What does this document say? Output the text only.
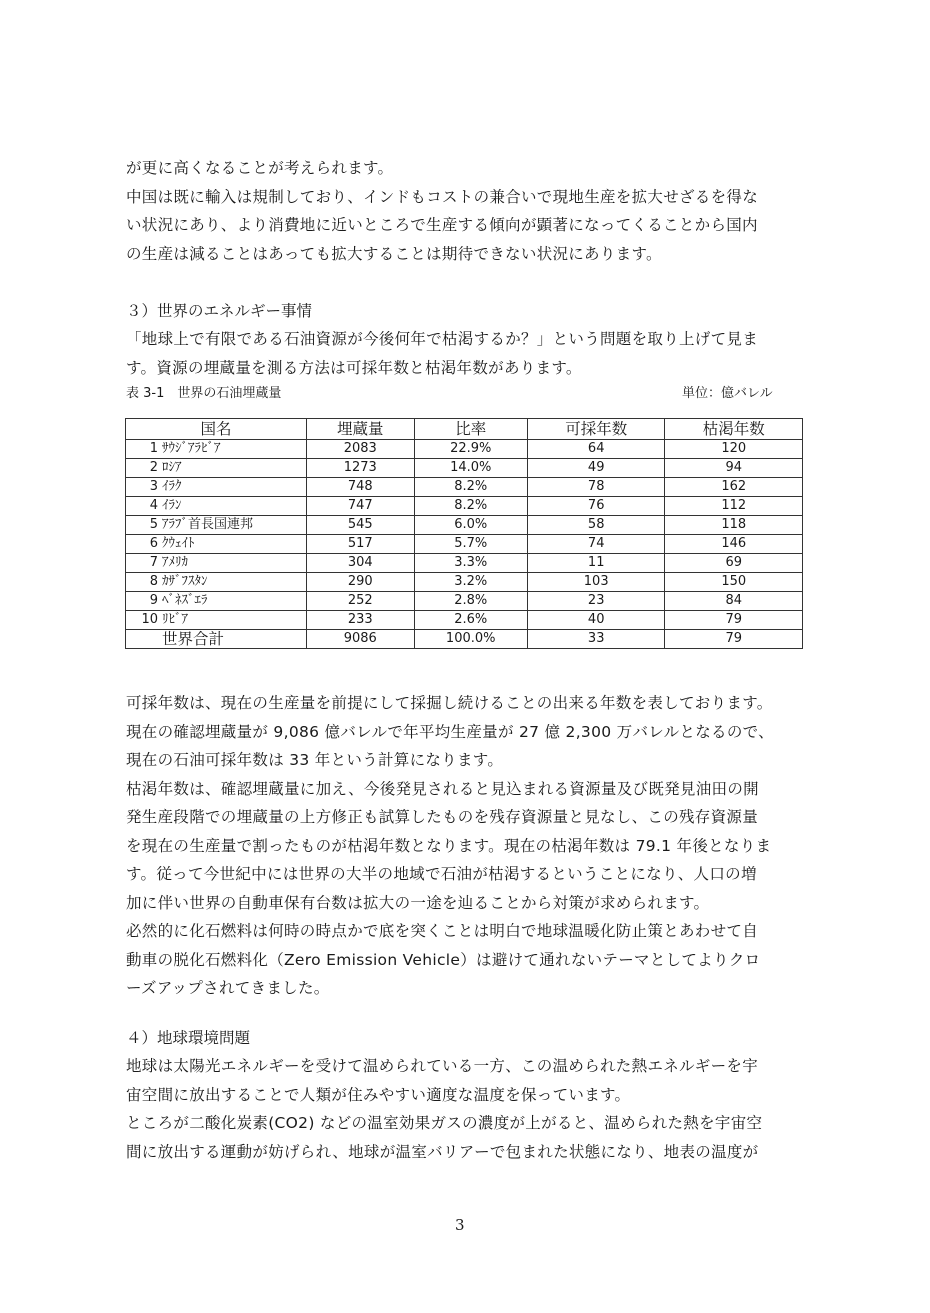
が更に高くなることが考えられます。
中国は既に輸入は規制しており、インドもコストの兼合いで現地生産を拡大せざるを得な
い状況にあり、より消費地に近いところで生産する傾向が顕著になってくることから国内
の生産は減ることはあっても拡大することは期待できない状況にあります。
３）世界のエネルギー事情
「地球上で有限である石油資源が今後何年で枯渇するか？」という問題を取り上げて見ま
す。資源の埋蔵量を測る方法は可採年数と枯渇年数があります。
表 3-1　世界の石油埋蔵量	単位：億バレル
国名		埋蔵量	比率	可採年数	枯渇年数
1	ｻｳｼﾞｱﾗﾋﾞｱ	2083	22.9%	64	120
2	ﾛｼｱ	1273	14.0%	49	94
3	ｲﾗｸ	748	8.2%	78	162
4	ｲﾗﾝ	747	8.2%	76	112
5	ｱﾗﾌﾞ首長国連邦	545	6.0%	58	118
6	ｸｳｪｲﾄ	517	5.7%	74	146
7	ｱﾒﾘｶ	304	3.3%	11	69
8	ｶｻﾞﾌｽﾀﾝ	290	3.2%	103	150
9	ﾍﾞﾈｽﾞｴﾗ	252	2.8%	23	84
10	ﾘﾋﾞｱ	233	2.6%	40	79
	世界合計	9086	100.0%	33	79
可採年数は、現在の生産量を前提にして採掘し続けることの出来る年数を表しております。
現在の確認埋蔵量が 9,086 億バレルで年平均生産量が 27 億 2,300 万バレルとなるので、
現在の石油可採年数は 33 年という計算になります。
枯渇年数は、確認埋蔵量に加え、今後発見されると見込まれる資源量及び既発見油田の開
発生産段階での埋蔵量の上方修正も試算したものを残存資源量と見なし、この残存資源量
を現在の生産量で割ったものが枯渇年数となります。現在の枯渇年数は 79.1 年後となりま
す。従って今世紀中には世界の大半の地域で石油が枯渇するということになり、人口の増
加に伴い世界の自動車保有台数は拡大の一途を辿ることから対策が求められます。
必然的に化石燃料は何時の時点かで底を突くことは明白で地球温暖化防止策とあわせて自
動車の脱化石燃料化（Zero Emission Vehicle）は避けて通れないテーマとしてよりクロ
ーズアップされてきました。
４）地球環境問題
地球は太陽光エネルギーを受けて温められている一方、この温められた熱エネルギーを宇
宙空間に放出することで人類が住みやすい適度な温度を保っています。
ところが二酸化炭素(CO2) などの温室効果ガスの濃度が上がると、温められた熱を宇宙空
間に放出する運動が妨げられ、地球が温室バリアーで包まれた状態になり、地表の温度が
3
